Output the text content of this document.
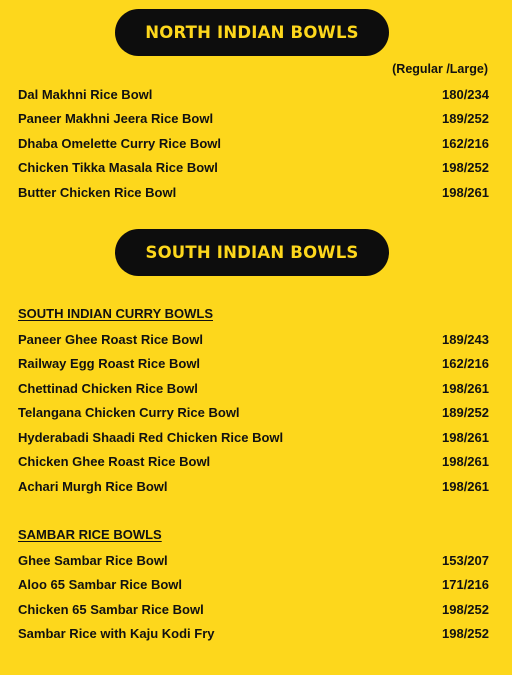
NORTH INDIAN BOWLS
(Regular /Large)
Dal Makhni Rice Bowl	180/234
Paneer Makhni Jeera Rice Bowl	189/252
Dhaba Omelette Curry Rice Bowl	162/216
Chicken Tikka Masala Rice Bowl	198/252
Butter Chicken Rice Bowl	198/261
SOUTH INDIAN BOWLS
SOUTH INDIAN CURRY BOWLS
Paneer Ghee Roast Rice Bowl	189/243
Railway Egg Roast Rice Bowl	162/216
Chettinad Chicken Rice Bowl	198/261
Telangana Chicken Curry Rice Bowl	189/252
Hyderabadi Shaadi Red Chicken Rice Bowl	198/261
Chicken Ghee Roast Rice Bowl	198/261
Achari Murgh Rice Bowl	198/261
SAMBAR RICE BOWLS
Ghee Sambar Rice Bowl	153/207
Aloo 65 Sambar Rice Bowl	171/216
Chicken 65 Sambar Rice Bowl	198/252
Sambar Rice with Kaju Kodi Fry	198/252
